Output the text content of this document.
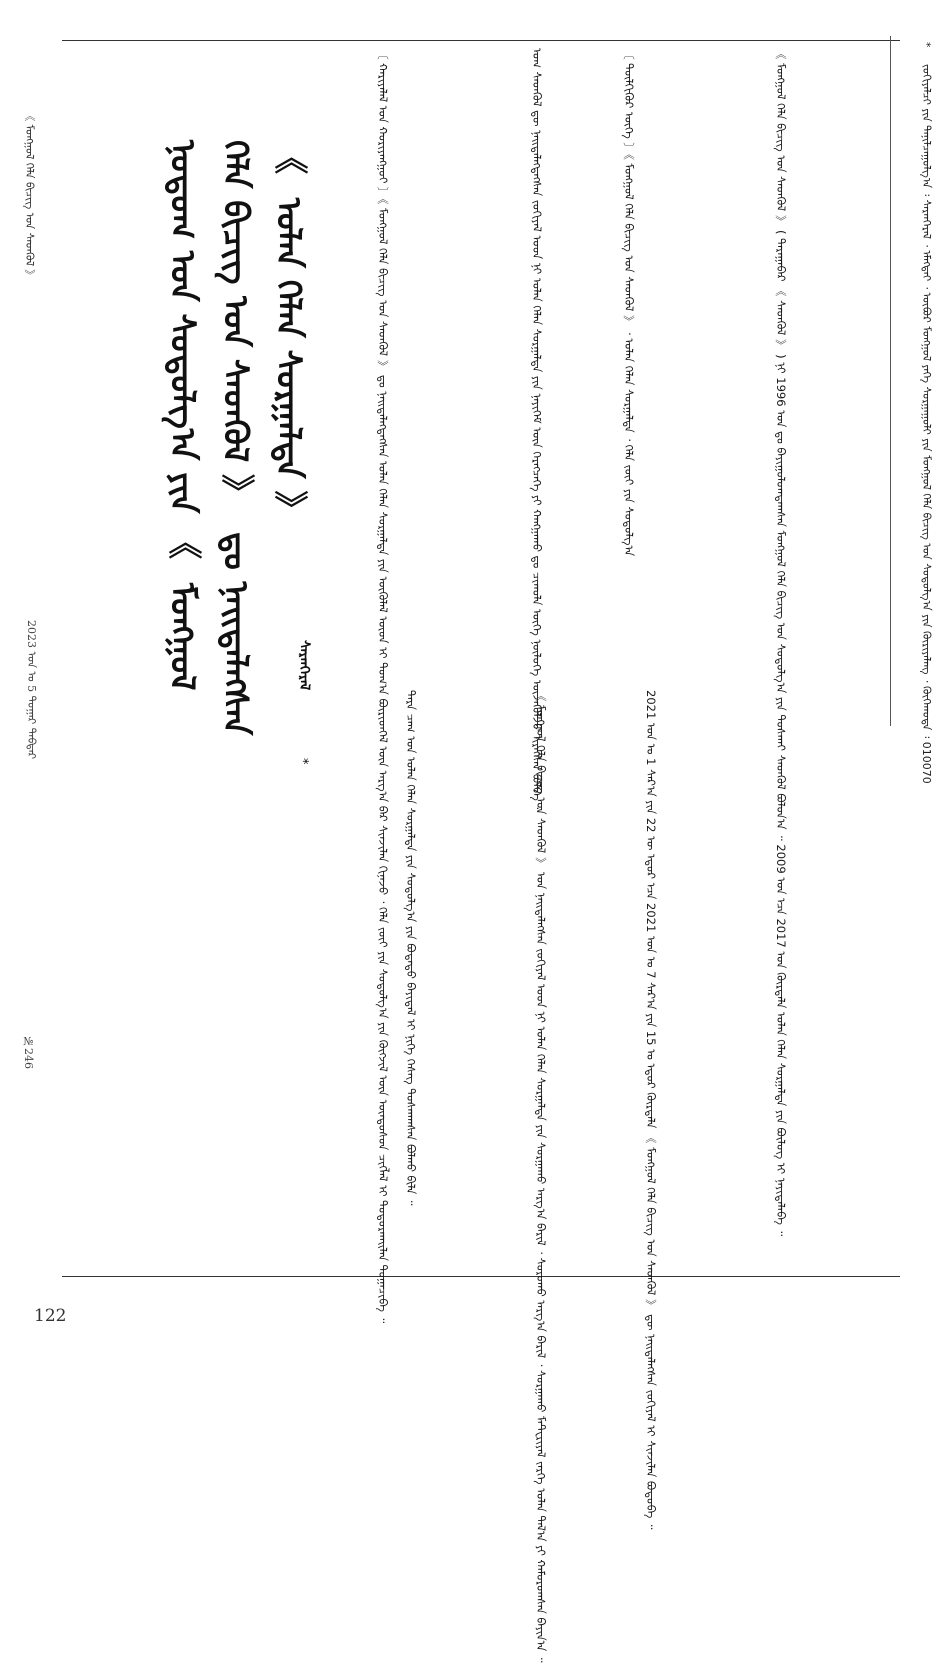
《 ᠮᠣᠩᠭᠣᠯ ᠬᠡᠯᠡ ᠪᠢᠴᠢᠭ ᠤᠨ ᠰᠡᠳᠬᠦᠯ 》
2023 ᠣᠨ ᠤ 5 ᠳᠤᠭᠠᠷ ᠳᠡᠪᠲᠡᠷ
№246
122
ᠨᠤᠳᠤᠭ ᠤᠨ ᠰᠤᠳᠤᠯᠭ᠎ᠠ ᠶᠢᠨ 《 ᠮᠣᠩᠭᠣᠯ ᠬᠡᠯᠡ ᠪᠢᠴᠢᠭ ᠤᠨ ᠰᠡᠳᠬᠦᠯ 》 ᠳᠤ ᠨᠡᠢᠲᠡᠯᠡᠭᠰᠡᠨ 《 ᠣᠯᠠᠨ ᠬᠡᠯᠡᠨ ᠰᠤᠷᠭᠠᠯᠲᠠ 》
ᠰᠠᠷᠠᠨᠭᠡᠷᠡᠯ
*	〔 ᠬᠠᠷᠢᠶᠠᠯᠠᠯ ᠤᠨ ᠬᠤᠷᠢᠶᠠᠩᠭᠤᠢ 〕《 ᠮᠣᠩᠭᠣᠯ ᠬᠡᠯᠡ ᠪᠢᠴᠢᠭ ᠤᠨ ᠰᠡᠳᠬᠦᠯ 》 ᠳᠤ ᠨᠡᠢᠲᠡᠯᠡᠭᠳᠡᠭᠰᠡᠨ ᠣᠯᠠᠨ ᠬᠡᠯᠡᠨ ᠰᠤᠷᠭᠠᠯᠲᠠ ᠶᠢᠨ ᠦᠭᠦᠯᠡᠯ ᠦᠳ ᠢ ᠲᠣᠭ᠎ᠠ ᠪᠦᠷᠢᠳᠬᠡᠯ ᠦᠨ ᠠᠷᠭ᠎ᠠ ᠪᠠᠷ ᠰᠢᠨᠵᠢᠯᠡᠨ ᠬᠢᠨᠠᠵᠤ ᠂ ᠬᠡᠯᠡ ᠵᠦᠢ ᠶᠢᠨ ᠰᠤᠳᠤᠯᠭ᠎ᠠ ᠶᠢᠨ ᠬᠥᠭᠵᠢᠯ ᠦᠨ ᠦᠨᠳᠦᠰᠦᠨ ᠴᠢᠭᠯᠡᠯ ᠢ ᠲᠣᠳᠣᠷᠬᠠᠢᠯᠠᠨ ᠲᠣᠭᠠᠴᠢᠪᠠ ᠃	ᠤᠭ ᠰᠡᠳᠬᠦᠯ ᠳᠦ ᠨᠡᠢᠲᠡᠯᠡᠭᠳᠡᠭᠰᠡᠨ ᠵᠣᠬᠢᠶᠠᠯ ᠤᠳ ᠨᠢ ᠣᠯᠠᠨ ᠬᠡᠯᠡᠨ ᠰᠤᠷᠭᠠᠯᠲᠠ ᠶᠢᠨ ᠨᠡᠶᠢᠭᠡᠮ ᠦᠨ ᠬᠡᠷᠡᠭᠴᠡᠭᠡ ᠶᠢ ᠬᠠᠩᠭᠠᠬᠤ ᠳᠤ ᠴᠢᠬᠤᠯᠠ ᠦᠭᠡ ᠨᠥᠯᠦᠭᠡ ᠦᠵᠡᠭᠦᠯᠵᠦ ᠢᠷᠡᠭᠰᠡᠨ ᠪᠣᠯᠪᠠ ᠃	〔 ᠲᠦᠯᠬᠢᠭᠦᠷ ᠦᠭᠡ 〕《 ᠮᠣᠩᠭᠣᠯ ᠬᠡᠯᠡ ᠪᠢᠴᠢᠭ ᠤᠨ ᠰᠡᠳᠬᠦᠯ 》 ᠂ ᠣᠯᠠᠨ ᠬᠡᠯᠡᠨ ᠰᠤᠷᠭᠠᠯᠲᠠ ᠂ ᠬᠡᠯᠡ ᠵᠦᠢ ᠶᠢᠨ ᠰᠤᠳᠤᠯᠭ᠎ᠠ	《 ᠮᠣᠩᠭᠣᠯ ᠬᠡᠯᠡ ᠪᠢᠴᠢᠭ ᠤᠨ ᠰᠡᠳᠬᠦᠯ 》 ( ᠳᠠᠷᠠᠭᠠᠪᠠᠷ 《 ᠰᠡᠳᠬᠦᠯ 》 ) ᠨᠢ 1996 ᠣᠨ ᠳᠤ ᠪᠠᠶᠢᠭᠤᠯᠤᠭᠳᠠᠭᠰᠠᠨ ᠮᠣᠩᠭᠣᠯ ᠬᠡᠯᠡ ᠪᠢᠴᠢᠭ ᠤᠨ ᠰᠤᠳᠤᠯᠭ᠎ᠠ ᠶᠢᠨ ᠲᠤᠰᠬᠠᠢ ᠰᠡᠳᠬᠦᠯ ᠪᠣᠯᠤᠨ᠎ᠠ ᠃ 2009 ᠣᠨ ᠡᠴᠡ 2017 ᠣᠨ ᠬᠦᠷᠲᠡᠯᠡ ᠣᠯᠠᠨ ᠬᠡᠯᠡᠨ ᠰᠤᠷᠭᠠᠯᠲᠠ ᠶᠢᠨ ᠪᠦᠯᠦᠭ ᠢ ᠨᠡᠶᠢᠲᠡᠯᠡᠪᠡ ᠃
2021 ᠣᠨ ᠤ 1 ᠰᠠᠷ᠎ᠠ ᠶᠢᠨ 22 ᠦ ᠡᠳᠦᠷ ᠡᠴᠡ 2021 ᠣᠨ ᠤ 7 ᠰᠠᠷ᠎ᠠ ᠶᠢᠨ 15 ᠤ ᠡᠳᠦᠷ ᠬᠦᠷᠲᠡᠯᠡ 《 ᠮᠣᠩᠭᠣᠯ ᠬᠡᠯᠡ ᠪᠢᠴᠢᠭ ᠤᠨ ᠰᠡᠳᠬᠦᠯ 》 ᠳᠦ ᠨᠡᠢᠲᠡᠯᠡᠭᠰᠡᠨ ᠵᠣᠬᠢᠶᠠᠯ ᠢ ᠰᠢᠨᠵᠢᠯᠡᠨ ᠪᠣᠳᠤᠪᠠ ᠃
《 ᠮᠣᠩᠭᠣᠯ ᠬᠡᠯᠡ ᠪᠢᠴᠢᠭ ᠤᠨ ᠰᠡᠳᠬᠦᠯ 》 ᠤᠨ ᠨᠡᠢᠲᠡᠯᠡᠭᠰᠡᠨ ᠵᠣᠬᠢᠶᠠᠯ ᠤᠳ ᠨᠢ ᠣᠯᠠᠨ ᠬᠡᠯᠡᠨ ᠰᠤᠷᠭᠠᠯᠲᠠ ᠶᠢᠨ ᠰᠤᠷᠭᠠᠬᠤ ᠠᠷᠭ᠎ᠠ ᠪᠠᠷᠢᠯ ᠂ ᠰᠤᠷᠤᠬᠤ ᠠᠷᠭ᠎ᠠ ᠪᠠᠷᠢᠯ ᠂ ᠰᠤᠷᠭᠠᠬᠤ ᠮᠠᠲ᠋ᠧᠷᠢᠶᠠᠯ ᠵᠡᠷᠭᠡ ᠣᠯᠠᠨ ᠲᠠᠯ᠎ᠠ ᠶᠢ ᠬᠠᠮᠤᠷᠤᠭᠰᠠᠨ ᠪᠠᠶᠢᠨ᠎ᠠ ᠃
ᠲᠡᠷᠡ ᠴᠠᠭ ᠤᠨ ᠣᠯᠠᠨ ᠬᠡᠯᠡᠨ ᠰᠤᠷᠭᠠᠯᠲᠠ ᠶᠢᠨ ᠰᠤᠳᠤᠯᠭ᠎ᠠ ᠶᠢᠨ ᠪᠣᠳᠠᠲᠤ ᠪᠠᠶᠢᠳᠠᠯ ᠢ ᠨᠢᠭᠡ ᠬᠡᠰᠡᠭ ᠲᠤᠰᠬᠠᠭᠰᠠᠨ ᠪᠣᠯᠬᠤ ᠪᠢᠯᠡ ᠃
*
ᠵᠣᠬᠢᠶᠠᠯᠴᠢ ᠶᠢᠨ ᠲᠠᠨᠢᠯᠴᠠᠭᠤᠯᠭ᠎ᠠ ᠄ ᠰᠠᠷᠠᠨᠭᠡᠷᠡᠯ ᠂ ᠡᠮᠡᠭᠲᠡᠢ ᠂ ᠥᠪᠥᠷ ᠮᠣᠩᠭᠣᠯ ᠶᠡᠬᠡ ᠰᠤᠷᠭᠠᠭᠤᠯᠢ ᠶᠢᠨ ᠮᠣᠩᠭᠣᠯ ᠬᠡᠯᠡ ᠪᠢᠴᠢᠭ ᠤᠨ ᠰᠤᠳᠤᠯᠭ᠎ᠠ ᠶᠢᠨ ᠬᠦᠷᠢᠶᠡᠯᠡᠩ ᠂ ᠬᠦᠬᠡᠬᠣᠲᠠ ᠄ 010070
